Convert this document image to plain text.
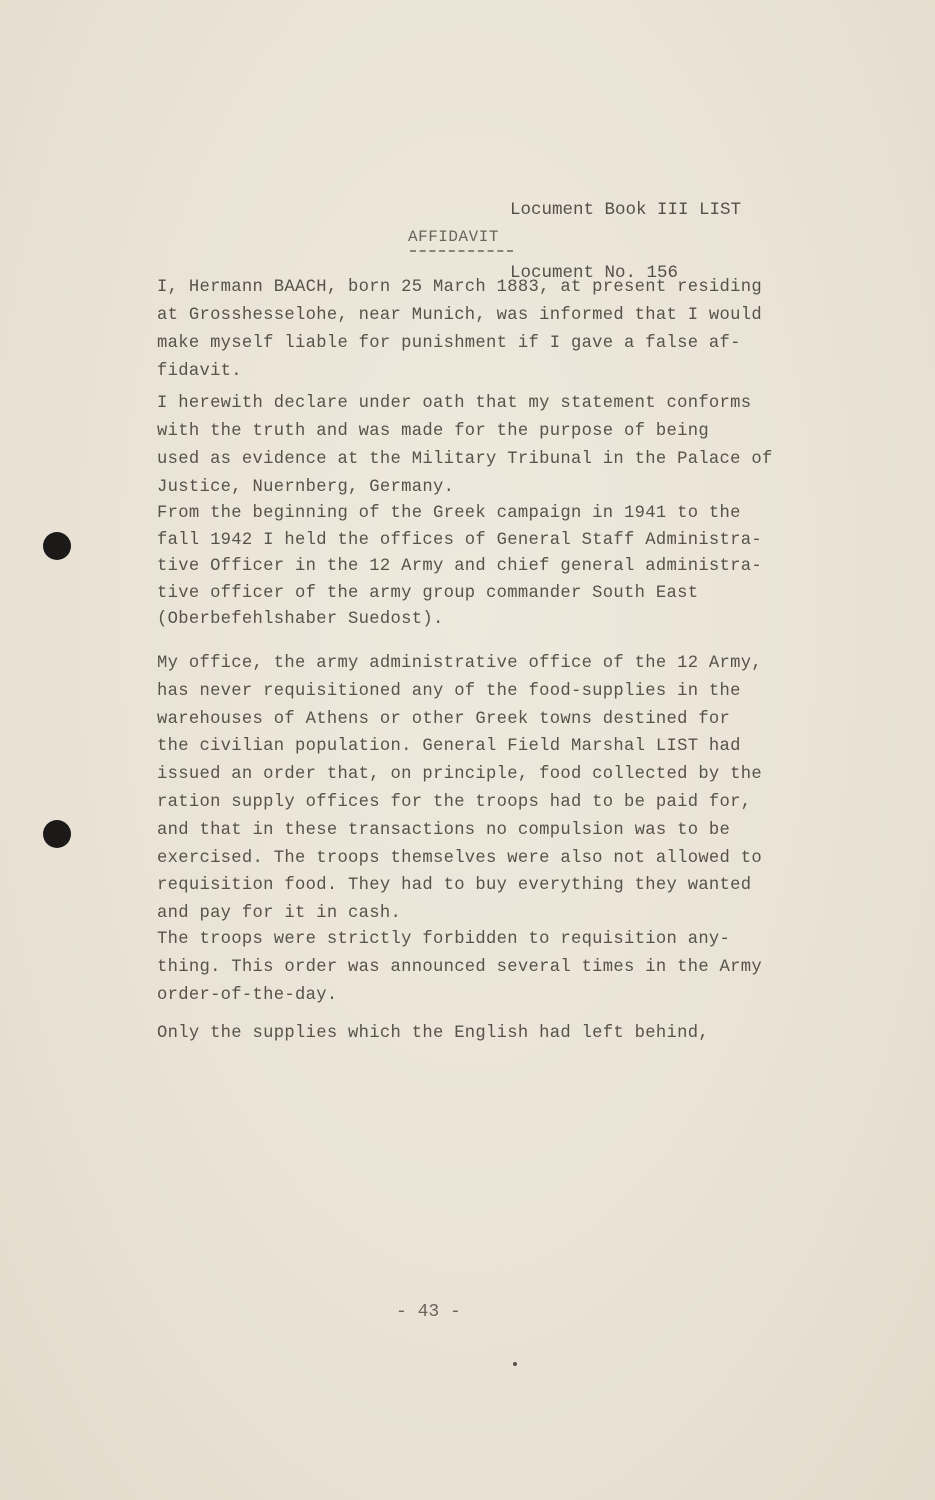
Locument Book III LIST

Locument No. 156

AFFIDAVIT
I, Hermann BAACH, born 25 March 1883, at present residing
at Grosshesselohe, near Munich, was informed that I would
make myself liable for punishment if I gave a false af-
fidavit.
I herewith declare under oath that my statement conforms
with the truth and was made for the purpose of being
used as evidence at the Military Tribunal in the Palace of
Justice, Nuernberg, Germany.
From the beginning of the Greek campaign in 1941 to the
fall 1942 I held the offices of General Staff Administra-
tive Officer in the 12 Army and chief general administra-
tive officer of the army group commander South East
(Oberbefehlshaber Suedost).
My office, the army administrative office of the 12 Army,
has never requisitioned any of the food-supplies in the
warehouses of Athens or other Greek towns destined for
the civilian population. General Field Marshal LIST had
issued an order that, on principle, food collected by the
ration supply offices for the troops had to be paid for,
and that in these transactions no compulsion was to be
exercised. The troops themselves were also not allowed to
requisition food. They had to buy everything they wanted
and pay for it in cash.
The troops were strictly forbidden to requisition any-
thing. This order was announced several times in the Army
order-of-the-day.
Only the supplies which the English had left behind,
- 43 -
